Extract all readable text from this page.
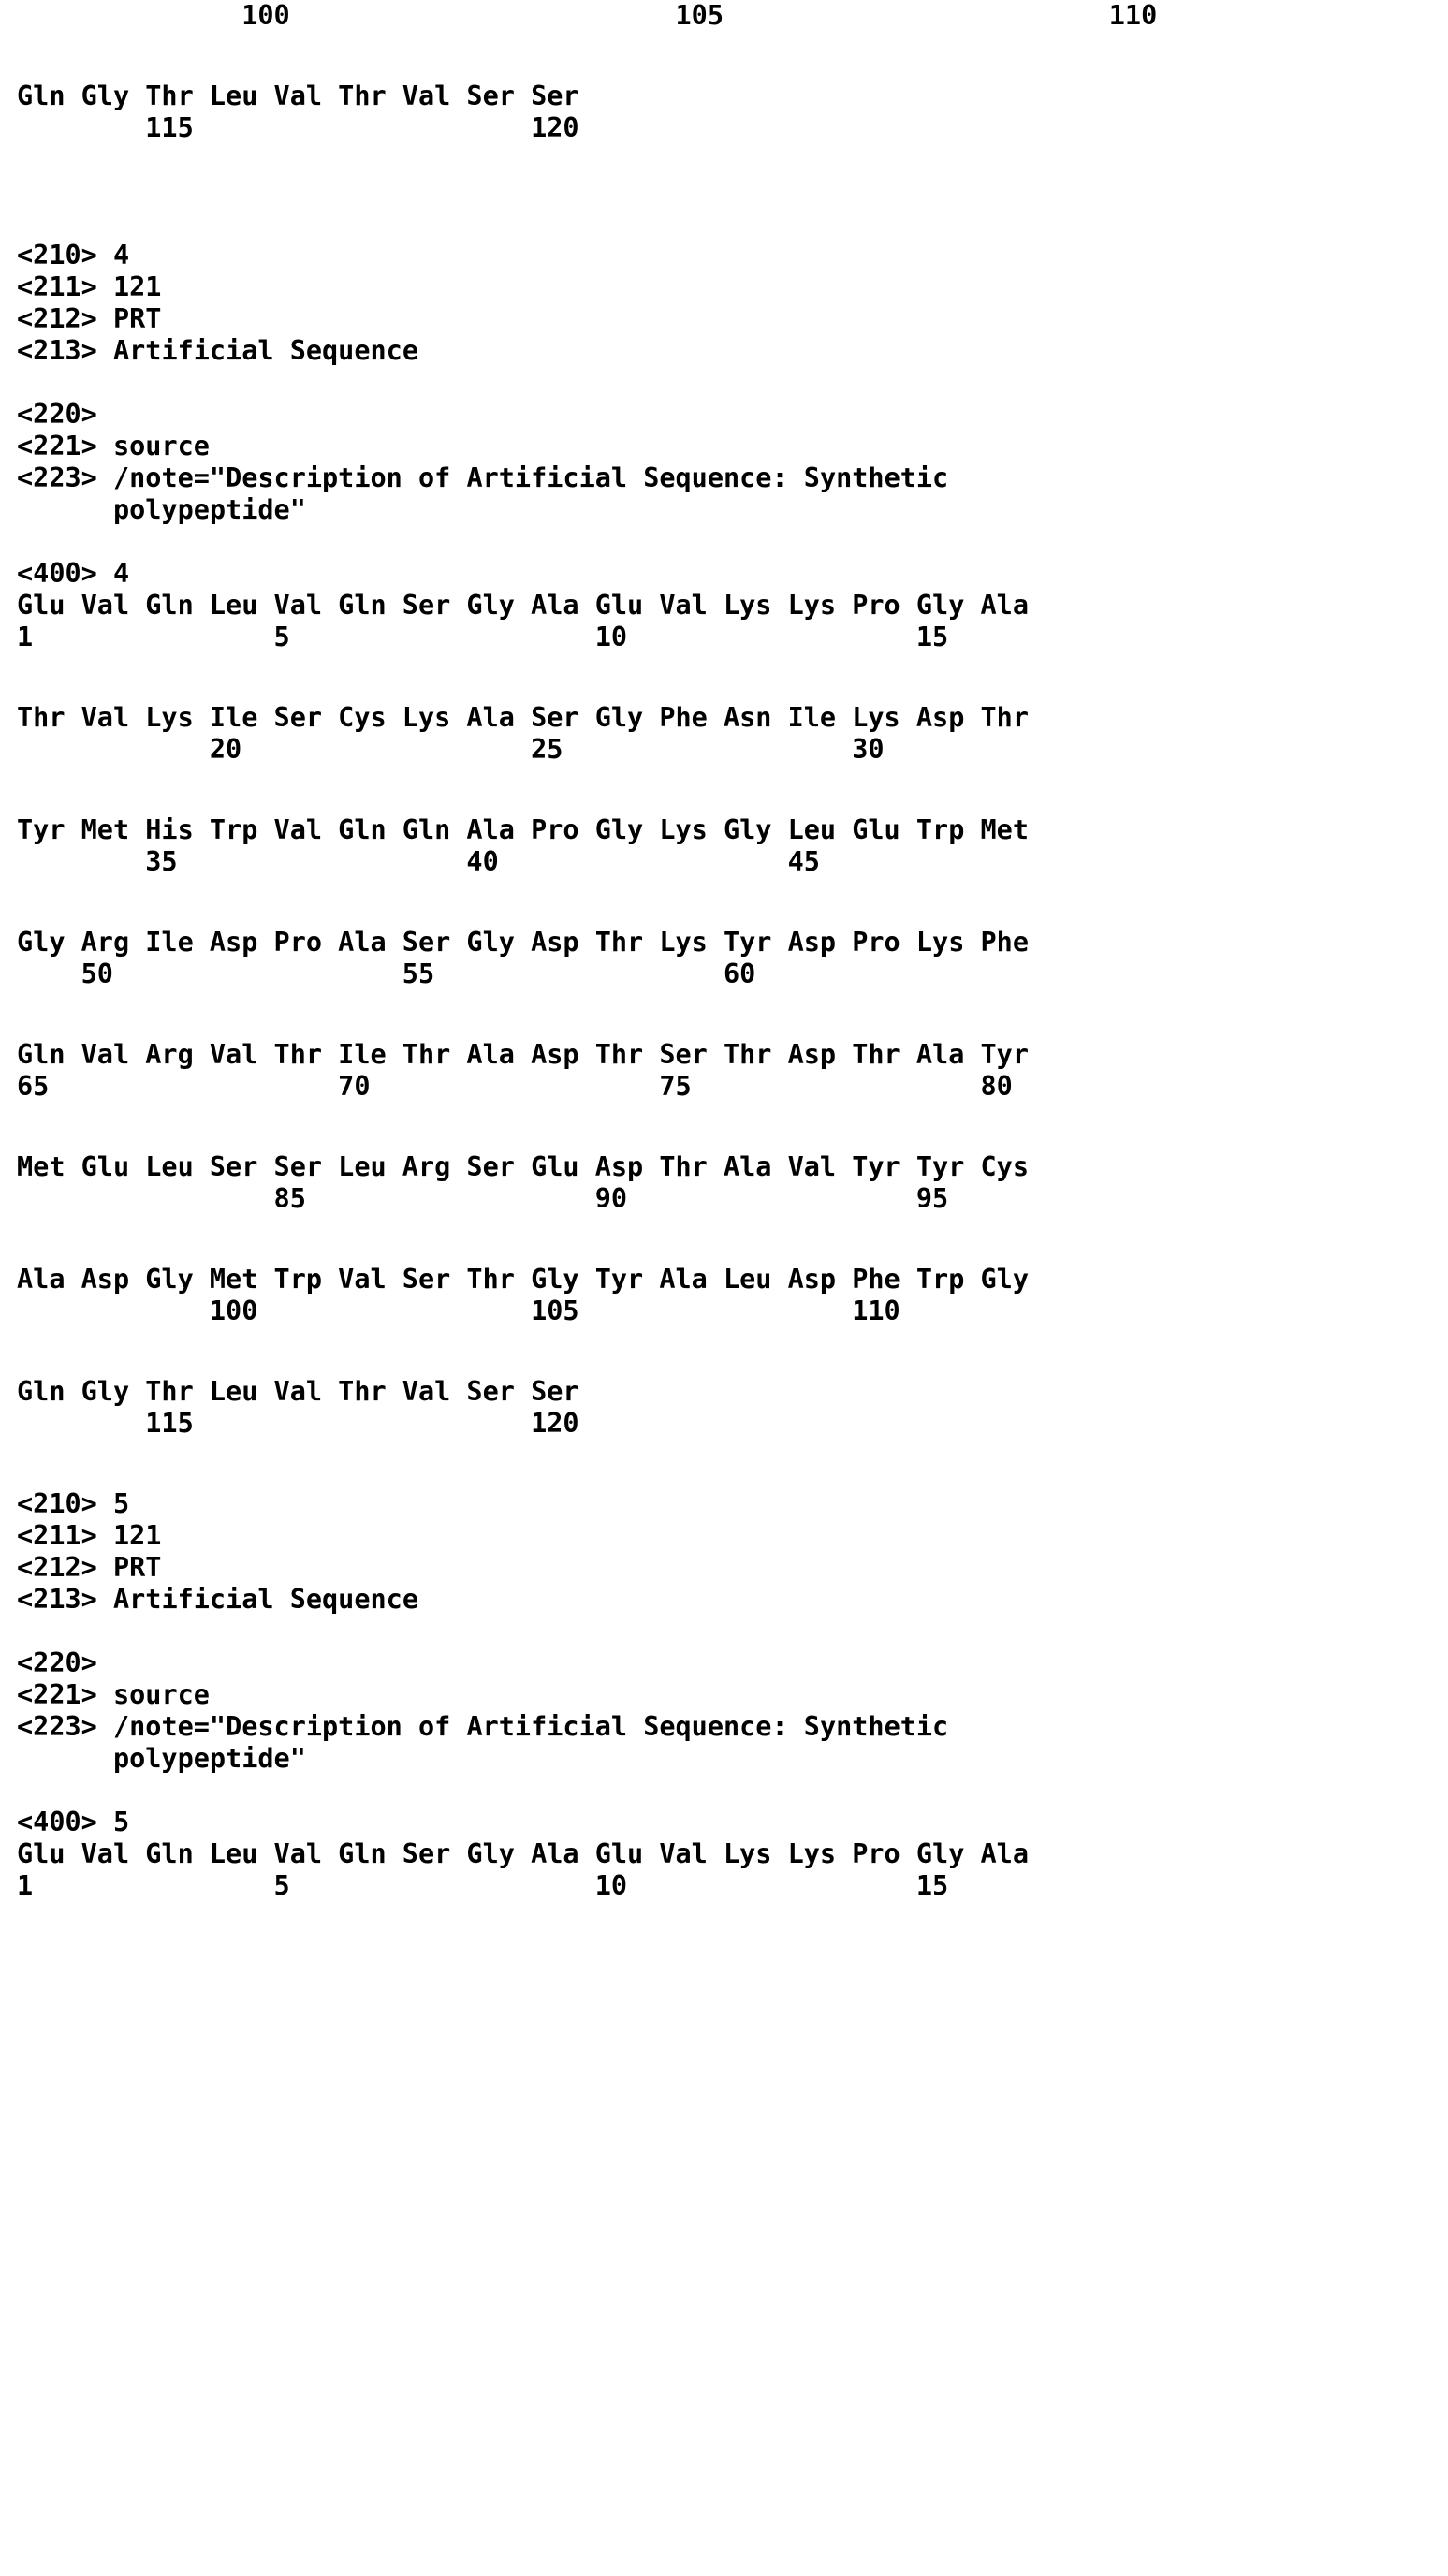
100                        105                        110
Gln Gly Thr Leu Val Thr Val Ser Ser
115                     120
<210> 4
<211> 121
<212> PRT
<213> Artificial Sequence
<220>
<221> source
<223> /note="Description of Artificial Sequence: Synthetic
polypeptide"
<400> 4
Glu Val Gln Leu Val Gln Ser Gly Ala Glu Val Lys Lys Pro Gly Ala
1               5                   10                  15
Thr Val Lys Ile Ser Cys Lys Ala Ser Gly Phe Asn Ile Lys Asp Thr
20                  25                  30
Tyr Met His Trp Val Gln Gln Ala Pro Gly Lys Gly Leu Glu Trp Met
35                  40                  45
Gly Arg Ile Asp Pro Ala Ser Gly Asp Thr Lys Tyr Asp Pro Lys Phe
50                  55                  60
Gln Val Arg Val Thr Ile Thr Ala Asp Thr Ser Thr Asp Thr Ala Tyr
65                  70                  75                  80
Met Glu Leu Ser Ser Leu Arg Ser Glu Asp Thr Ala Val Tyr Tyr Cys
85                  90                  95
Ala Asp Gly Met Trp Val Ser Thr Gly Tyr Ala Leu Asp Phe Trp Gly
100                 105                 110
Gln Gly Thr Leu Val Thr Val Ser Ser
115                     120
<210> 5
<211> 121
<212> PRT
<213> Artificial Sequence
<220>
<221> source
<223> /note="Description of Artificial Sequence: Synthetic
polypeptide"
<400> 5
Glu Val Gln Leu Val Gln Ser Gly Ala Glu Val Lys Lys Pro Gly Ala
1               5                   10                  15
